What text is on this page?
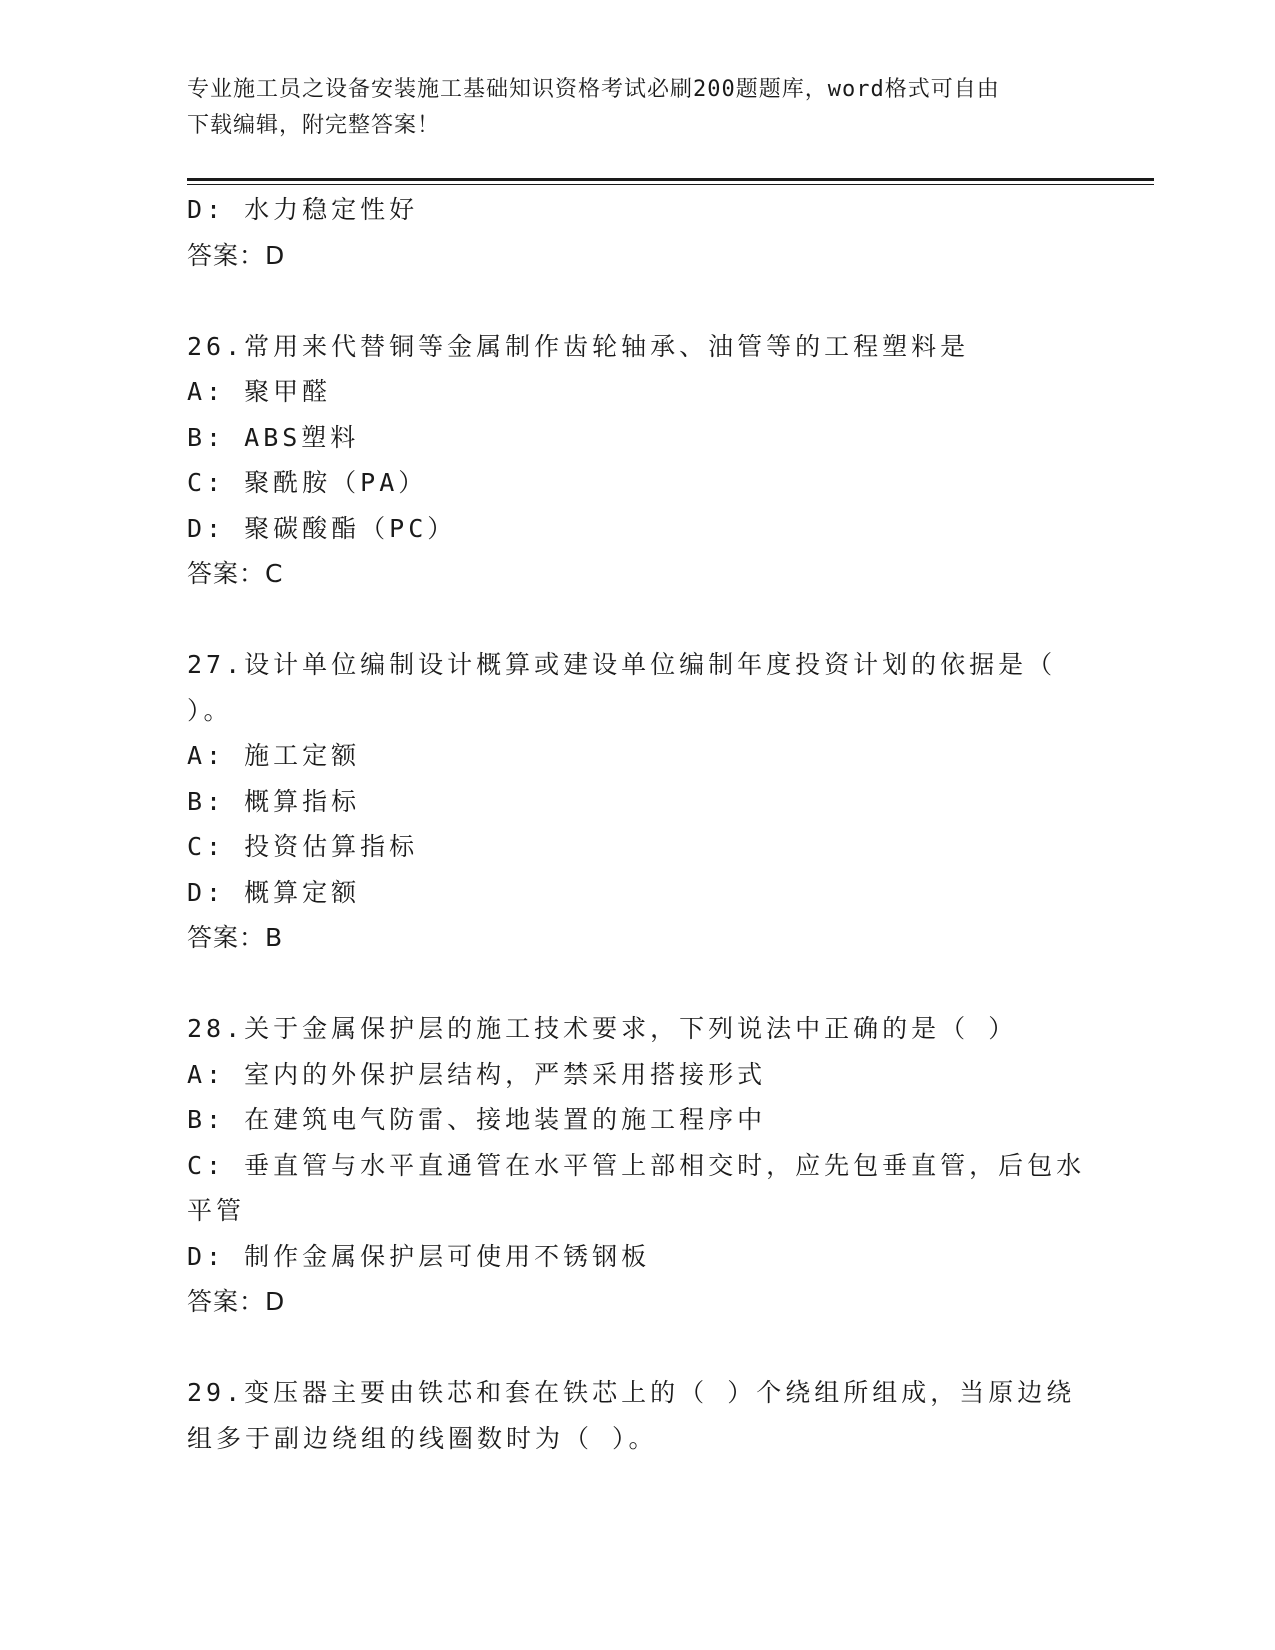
专业施工员之设备安装施工基础知识资格考试必刷200题题库，word格式可自由
下载编辑，附完整答案！
D: 水力稳定性好
答案：D
26.常用来代替铜等金属制作齿轮轴承、油管等的工程塑料是
A: 聚甲醛
B: ABS塑料
C: 聚酰胺（PA）
D: 聚碳酸酯（PC）
答案：C
27.设计单位编制设计概算或建设单位编制年度投资计划的依据是（
）。
A: 施工定额
B: 概算指标
C: 投资估算指标
D: 概算定额
答案：B
28.关于金属保护层的施工技术要求，下列说法中正确的是（ ）
A: 室内的外保护层结构，严禁采用搭接形式
B: 在建筑电气防雷、接地装置的施工程序中
C: 垂直管与水平直通管在水平管上部相交时，应先包垂直管，后包水
平管
D: 制作金属保护层可使用不锈钢板
答案：D
29.变压器主要由铁芯和套在铁芯上的（ ）个绕组所组成，当原边绕
组多于副边绕组的线圈数时为（ ）。
